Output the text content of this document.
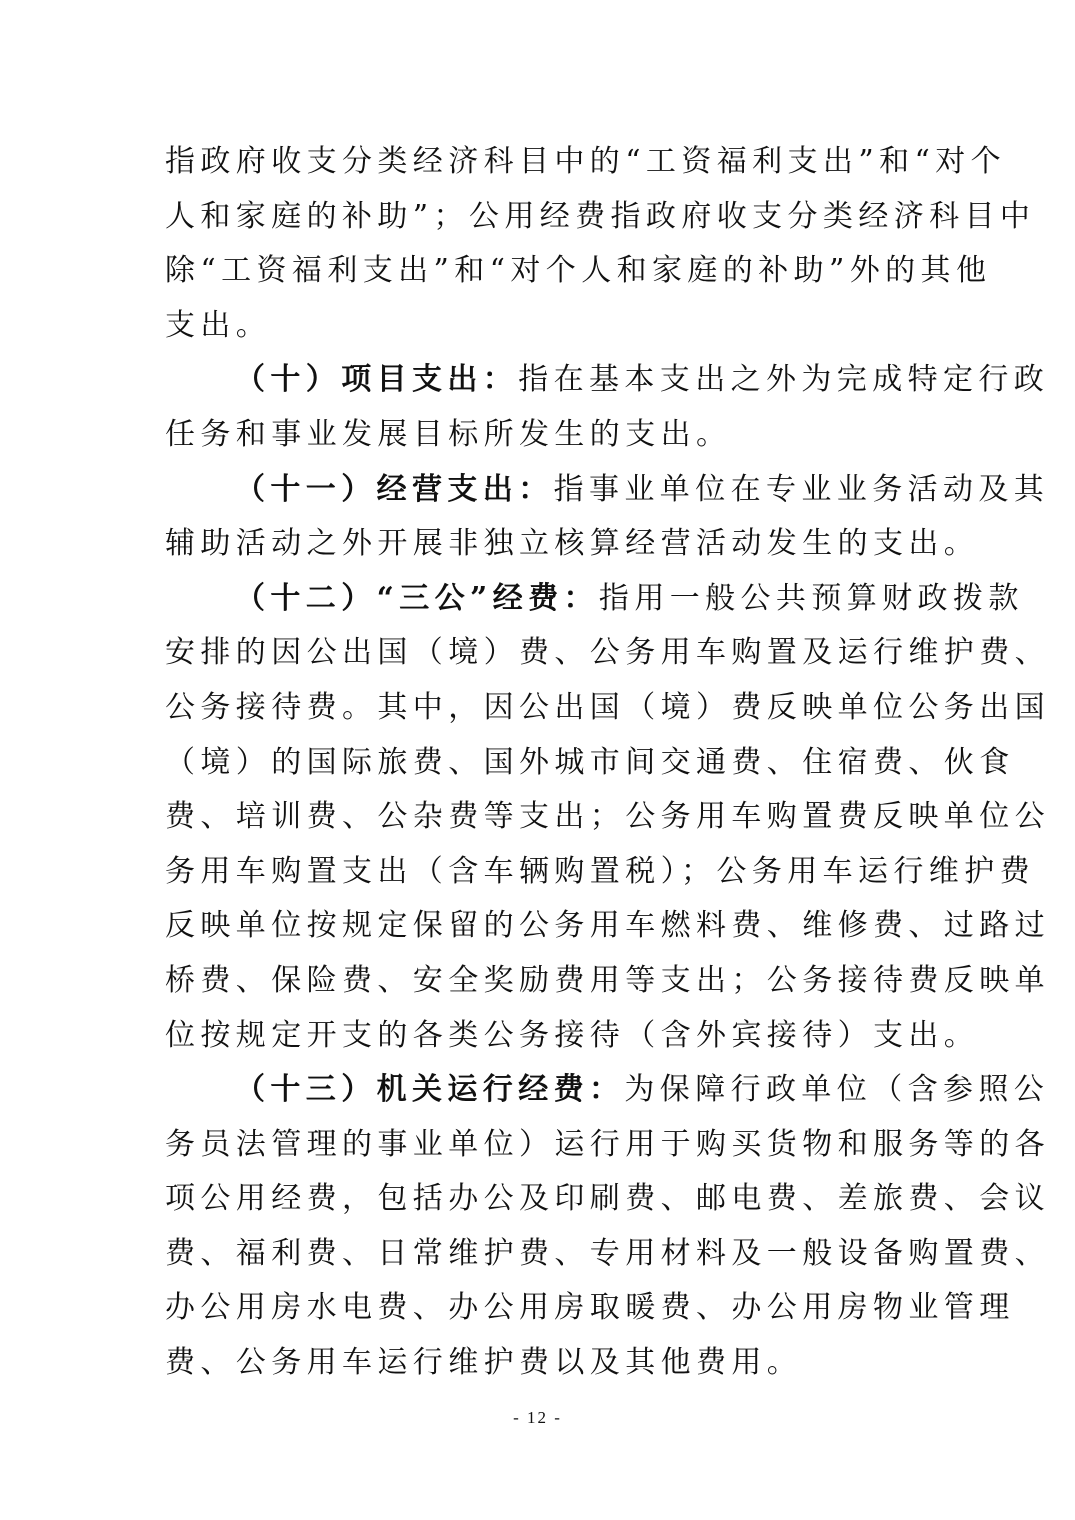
指政府收支分类经济科目中的“工资福利支出”和“对个
人和家庭的补助”；公用经费指政府收支分类经济科目中
除“工资福利支出”和“对个人和家庭的补助”外的其他
支出。
（十）项目支出：指在基本支出之外为完成特定行政
任务和事业发展目标所发生的支出。
（十一）经营支出：指事业单位在专业业务活动及其
辅助活动之外开展非独立核算经营活动发生的支出。
（十二）“三公”经费：指用一般公共预算财政拨款
安排的因公出国（境）费、公务用车购置及运行维护费、
公务接待费。其中，因公出国（境）费反映单位公务出国
（境）的国际旅费、国外城市间交通费、住宿费、伙食
费、培训费、公杂费等支出；公务用车购置费反映单位公
务用车购置支出（含车辆购置税）；公务用车运行维护费
反映单位按规定保留的公务用车燃料费、维修费、过路过
桥费、保险费、安全奖励费用等支出；公务接待费反映单
位按规定开支的各类公务接待（含外宾接待）支出。
（十三）机关运行经费：为保障行政单位（含参照公
务员法管理的事业单位）运行用于购买货物和服务等的各
项公用经费，包括办公及印刷费、邮电费、差旅费、会议
费、福利费、日常维护费、专用材料及一般设备购置费、
办公用房水电费、办公用房取暖费、办公用房物业管理
费、公务用车运行维护费以及其他费用。
- 12 -
